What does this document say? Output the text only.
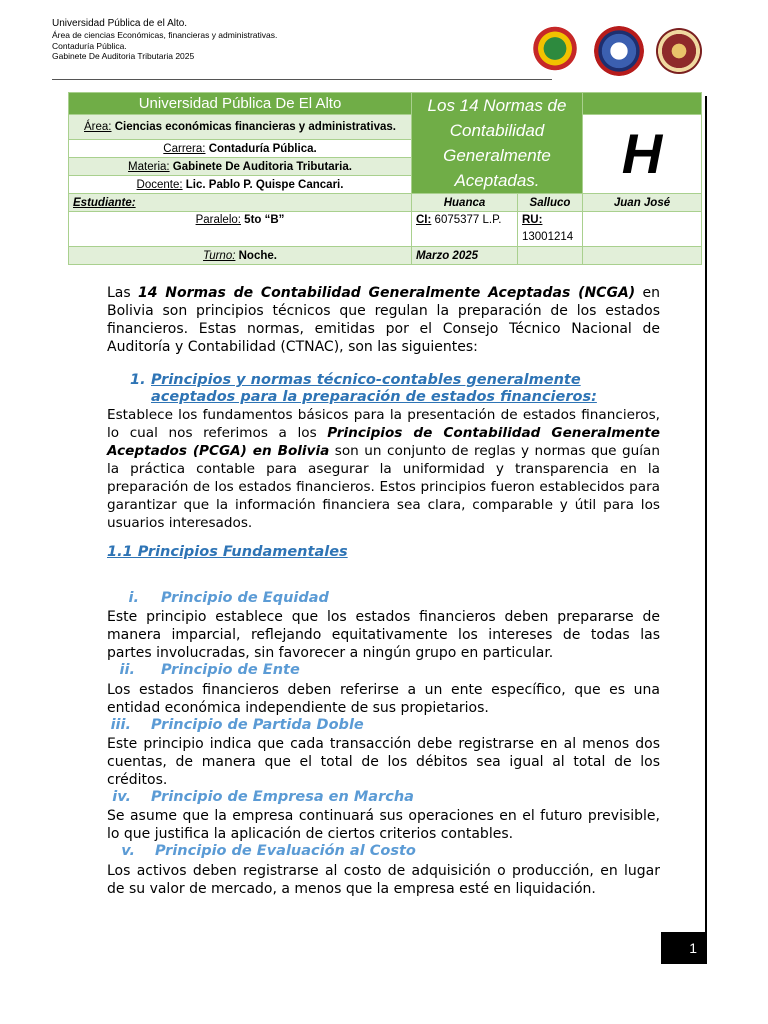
Universidad Pública de el Alto.
Área de ciencias Económicas, financieras y administrativas.
Contaduría Pública.
Gabinete De Auditoria Tributaria 2025
Universidad Pública De El Alto	Los 14 Normas de Contabilidad Generalmente Aceptadas.		
Área: Ciencias económicas financieras y administrativas.			H
Carrera: Contaduría Pública.			
Materia: Gabinete De Auditoria Tributaria.			
Docente: Lic. Pablo P. Quispe Cancari.			
Estudiante:	Huanca	Salluco	Juan José
Paralelo: 5to “B”	CI: 6075377 L.P.	RU:
13001214	
Turno: Noche.	Marzo 2025		
Las 14 Normas de Contabilidad Generalmente Aceptadas (NCGA) en Bolivia son principios técnicos que regulan la preparación de los estados financieros. Estas normas, emitidas por el Consejo Técnico Nacional de Auditoría y Contabilidad (CTNAC), son las siguientes:
1. Principios y normas técnico-contables generalmente aceptados para la preparación de estados financieros:
Establece los fundamentos básicos para la presentación de estados financieros, lo cual nos referimos a los Principios de Contabilidad Generalmente Aceptados (PCGA) en Bolivia son un conjunto de reglas y normas que guían la práctica contable para asegurar la uniformidad y transparencia en la preparación de los estados financieros. Estos principios fueron establecidos para garantizar que la información financiera sea clara, comparable y útil para los usuarios interesados.
1.1 Principios Fundamentales
i. Principio de Equidad
Este principio establece que los estados financieros deben prepararse de manera imparcial, reflejando equitativamente los intereses de todas las partes involucradas, sin favorecer a ningún grupo en particular.
ii. Principio de Ente
Los estados financieros deben referirse a un ente específico, que es una entidad económica independiente de sus propietarios.
iii. Principio de Partida Doble
Este principio indica que cada transacción debe registrarse en al menos dos cuentas, de manera que el total de los débitos sea igual al total de los créditos.
iv. Principio de Empresa en Marcha
Se asume que la empresa continuará sus operaciones en el futuro previsible, lo que justifica la aplicación de ciertos criterios contables.
v. Principio de Evaluación al Costo
Los activos deben registrarse al costo de adquisición o producción, en lugar de su valor de mercado, a menos que la empresa esté en liquidación.
1
